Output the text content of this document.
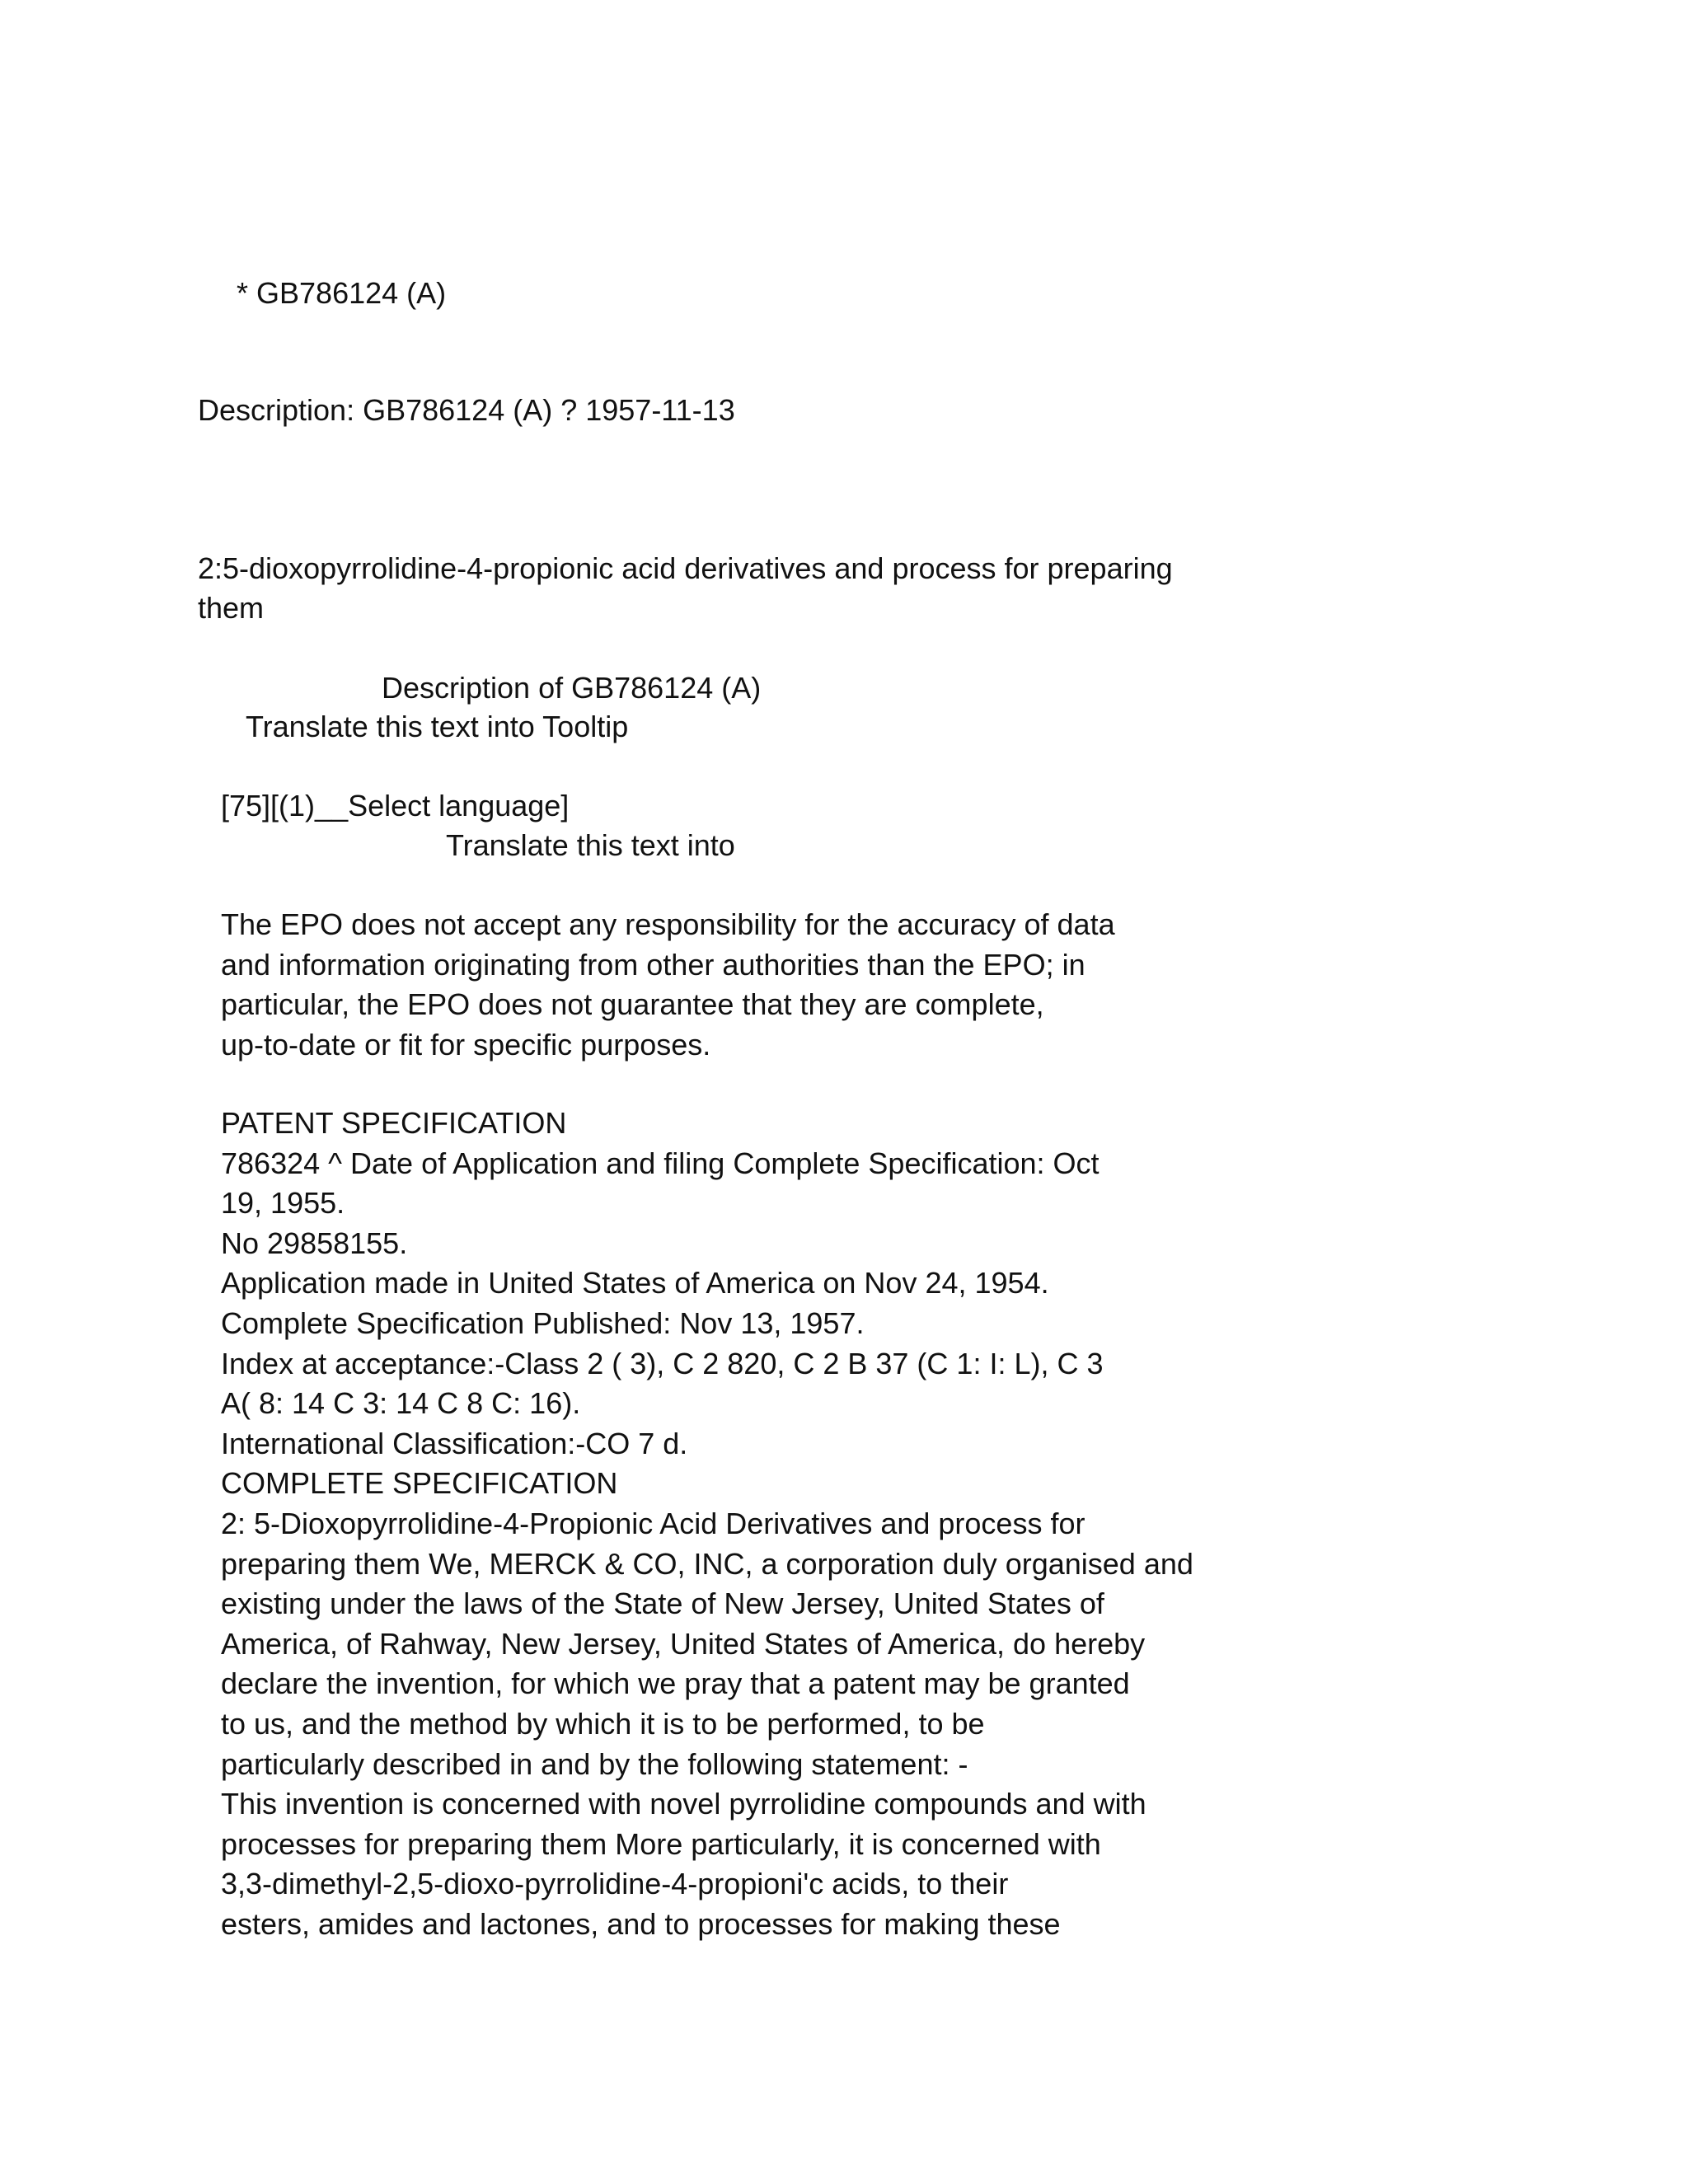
* GB786124 (A)

Description: GB786124 (A) ? 1957-11-13

2:5-dioxopyrrolidine-4-propionic acid derivatives and process for preparing

them

Description of GB786124 (A)

Translate this text into Tooltip

[75][(1)__Select language]

Translate this text into

The EPO does not accept any responsibility for the accuracy of data
and information originating from other authorities than the EPO; in
particular, the EPO does not guarantee that they are complete,
up-to-date or fit for specific purposes.
PATENT SPECIFICATION
786324 ^ Date of Application and filing Complete Specification: Oct
19, 1955.
No 29858155.
Application made in United States of America on Nov 24, 1954.
Complete Specification Published: Nov 13, 1957.
Index at acceptance:-Class 2 ( 3), C 2 820, C 2 B 37 (C 1: I: L), C 3
A( 8: 14 C 3: 14 C 8 C: 16).
International Classification:-CO 7 d.
COMPLETE SPECIFICATION
2: 5-Dioxopyrrolidine-4-Propionic Acid Derivatives and process for
preparing them We, MERCK & CO, INC, a corporation duly organised and
existing under the laws of the State of New Jersey, United States of
America, of Rahway, New Jersey, United States of America, do hereby
declare the invention, for which we pray that a patent may be granted
to us, and the method by which it is to be performed, to be
particularly described in and by the following statement: -
This invention is concerned with novel pyrrolidine compounds and with
processes for preparing them More particularly, it is concerned with
3,3-dimethyl-2,5-dioxo-pyrrolidine-4-propioni'c acids, to their
esters, amides and lactones, and to processes for making these
